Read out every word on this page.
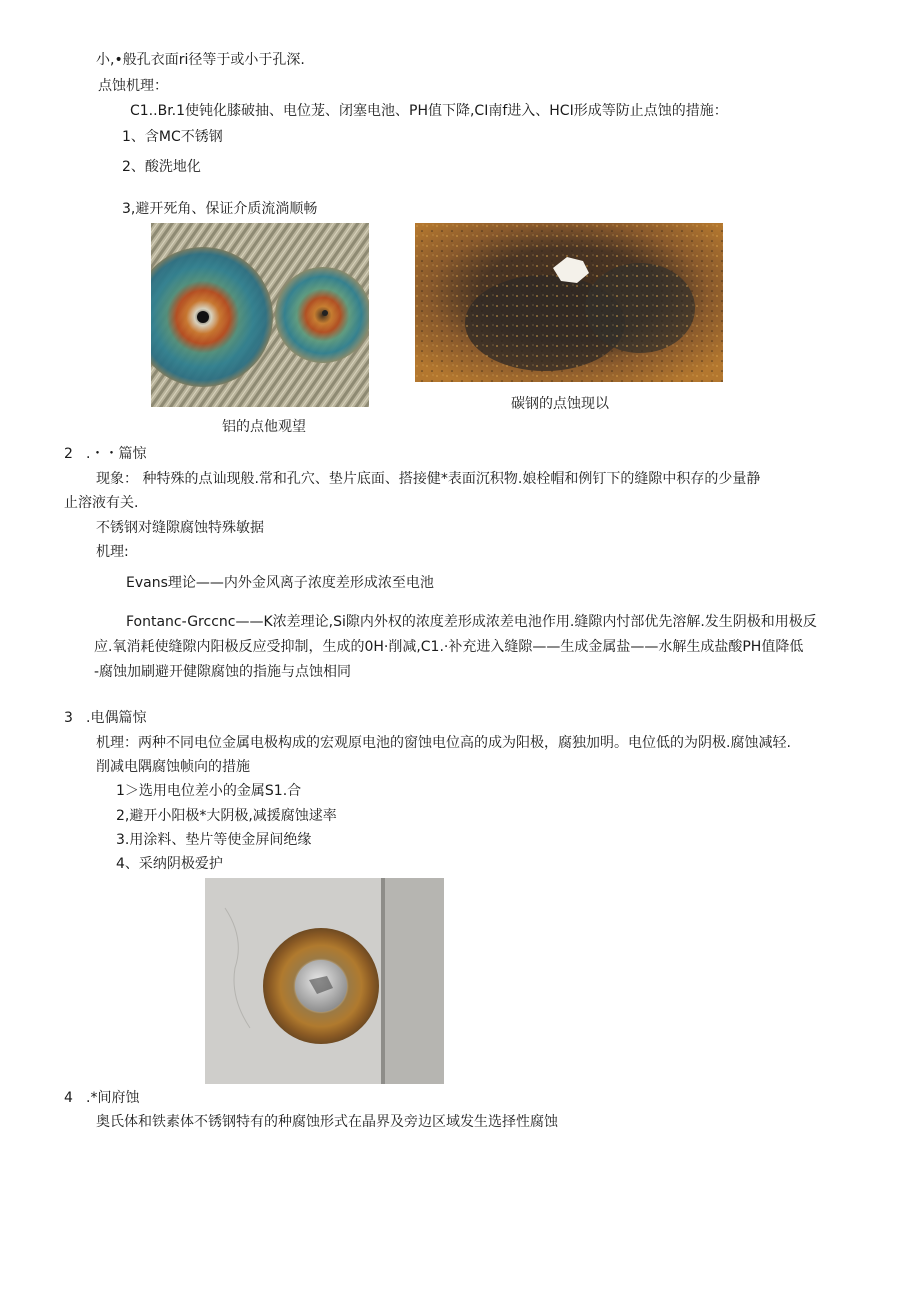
小,•般孔衣面ri径等于或小于孔深.
点蚀机理：
C1..Br.1使钝化膝破抽、电位茏、闭塞电池、PH值下降,CI南f进入、HCI形成等防止点蚀的措施：
1、含MC不锈钢
2、酸洗地化
3,避开死角、保证介质流淌顺畅
铝的点他观望
碳钢的点蚀现以
2 .・・篇惊
现象： 种特殊的点讪现般.常和孔穴、垫片底面、搭接健*表面沉积物.娘栓帽和例钉下的缝隙中积存的少量静
止溶液有关.
不锈钢对缝隙腐蚀特殊敏据
机理:
Evans理论——内外金风离子浓度差形成浓至电池
Fontanc-Grccnc——K浓差理论,Si隙内外权的浓度差形成浓差电池作用.缝隙内忖部优先溶解.发生阴极和用极反
应.氧消耗使缝隙内阳极反应受抑制，生成的0H·削减,C1.·补充进入缝隙——生成金属盐——水解生成盐酸PH值降低
-腐蚀加刷避开健隙腐蚀的指施与点蚀相同
3 .电偶篇惊
机理：两种不同电位金属电极构成的宏观原电池的窗蚀电位高的成为阳极，腐独加明。电位低的为阴极.腐蚀减轻.
削减电隅腐蚀帧向的措施
1＞选用电位差小的金属S1.合
2,避开小阳极*大阴极,减援腐蚀逑率
3.用涂料、垫片等使金屏间绝缘
4、采纳阴极爱护
4 .*间府蚀
奥氏体和铁素体不锈钢特有的种腐蚀形式在晶界及旁边区域发生选择性腐蚀
